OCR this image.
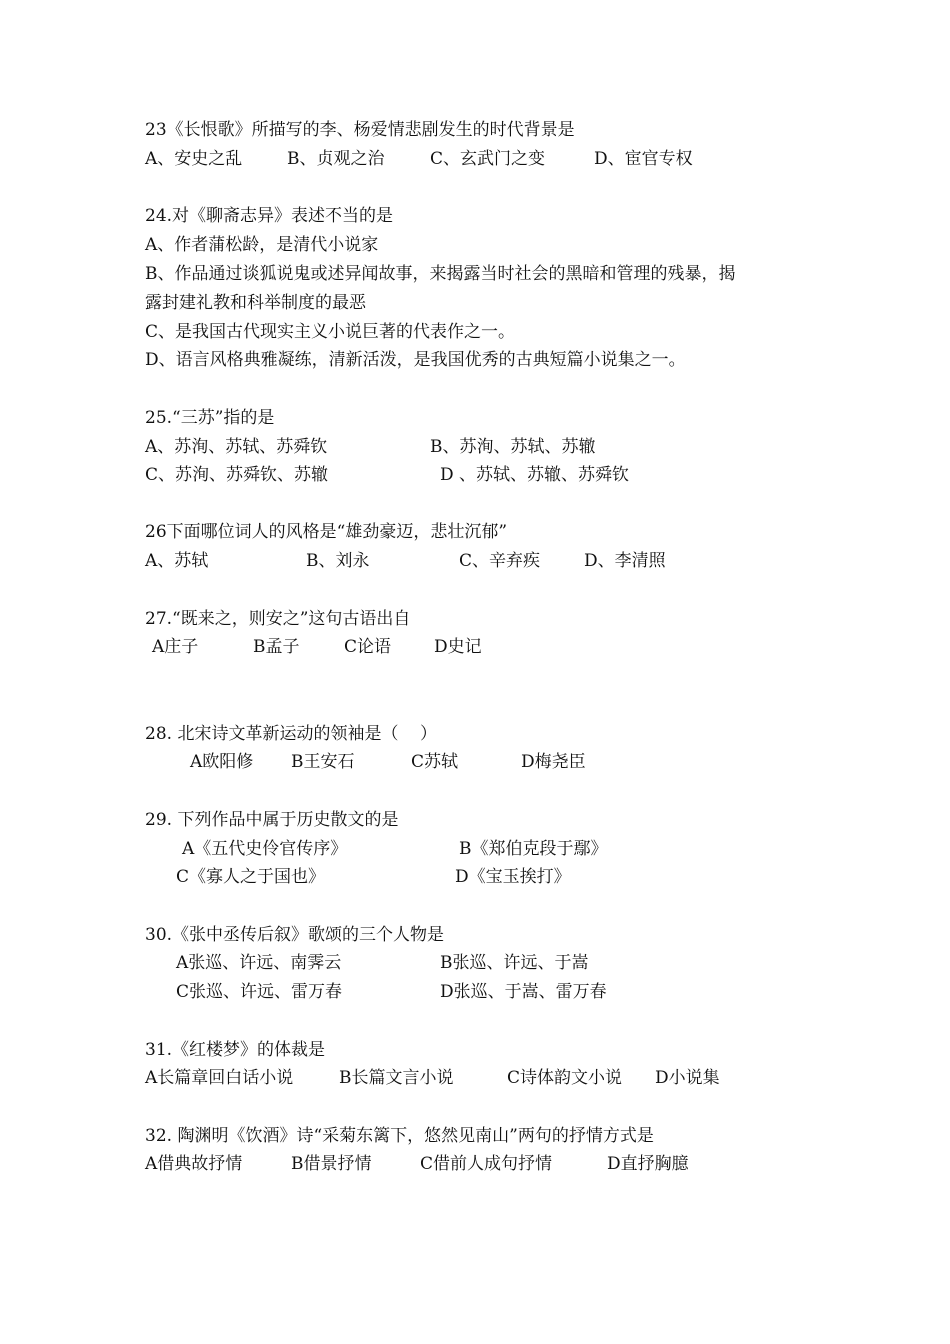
23《长恨歌》所描写的李、杨爱情悲剧发生的时代背景是
A、安史之乱	B、贞观之治	C、玄武门之变	D、宦官专权
24.对《聊斋志异》表述不当的是
A、作者蒲松龄，是清代小说家
B、作品通过谈狐说鬼或述异闻故事，来揭露当时社会的黑暗和管理的残暴，揭
露封建礼教和科举制度的最恶
C、是我国古代现实主义小说巨著的代表作之一。
D、语言风格典雅凝练，清新活泼，是我国优秀的古典短篇小说集之一。
25.“三苏”指的是
A、苏洵、苏轼、苏舜钦	B、苏洵、苏轼、苏辙
C、苏洵、苏舜钦、苏辙	D 、苏轼、苏辙、苏舜钦
26下面哪位词人的风格是“雄劲豪迈，悲壮沉郁”
A、苏轼	B、刘永	C、辛弃疾	D、李清照
27.“既来之，则安之”这句古语出自
A庄子	B孟子	C论语	D史记
28. 北宋诗文革新运动的领袖是（    ）
A欧阳修 B王安石	C苏轼	D梅尧臣
29. 下列作品中属于历史散文的是
A《五代史伶官传序》	B《郑伯克段于鄢》
C《寡人之于国也》	D《宝玉挨打》
30.《张中丞传后叙》歌颂的三个人物是
A张巡、许远、南霁云	B张巡、许远、于嵩
C张巡、许远、雷万春	D张巡、于嵩、雷万春
31.《红楼梦》的体裁是
A长篇章回白话小说	B长篇文言小说	C诗体韵文小说 D小说集
32. 陶渊明《饮酒》诗“采菊东篱下，悠然见南山”两句的抒情方式是
A借典故抒情	B借景抒情	C借前人成句抒情	D直抒胸臆
